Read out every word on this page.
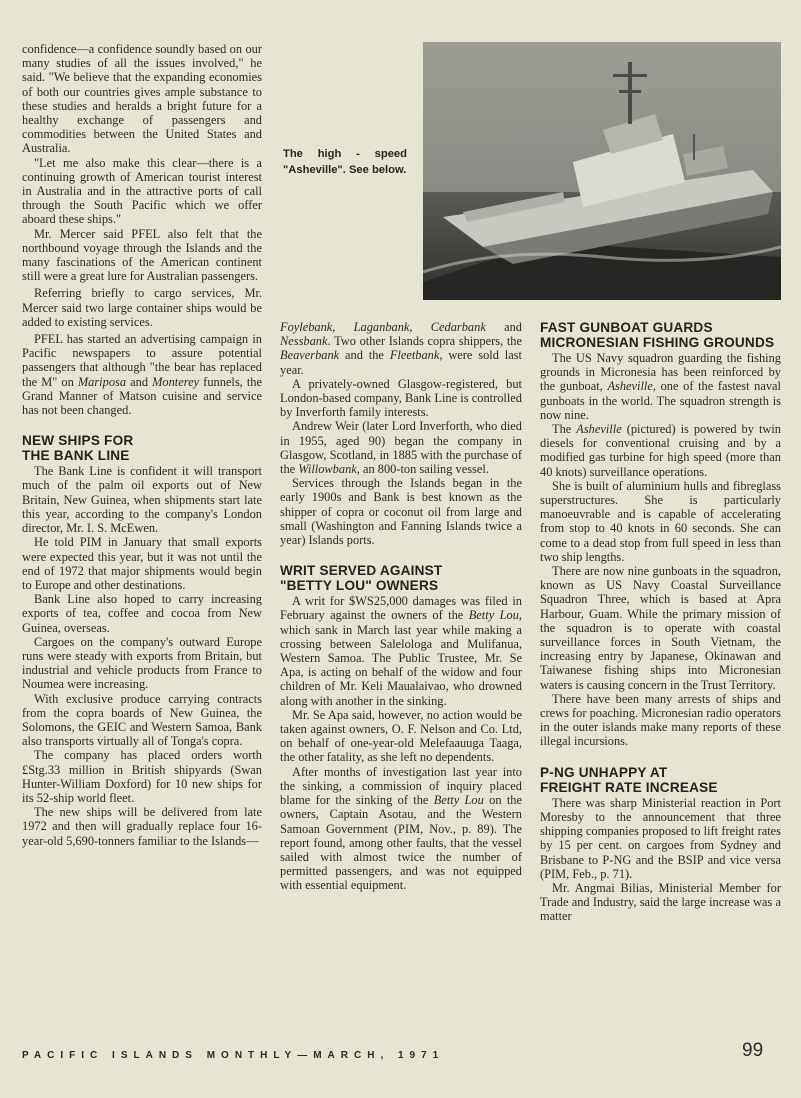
confidence—a confidence soundly based on our many studies of all the issues involved," he said. "We believe that the expanding economies of both our countries gives ample substance to these studies and heralds a bright future for a healthy exchange of passengers and commodities between the United States and Australia.

"Let me also make this clear—there is a continuing growth of American tourist interest in Australia and in the attractive ports of call through the South Pacific which we offer aboard these ships."

Mr. Mercer said PFEL also felt that the northbound voyage through the Islands and the many fascinations of the American continent still were a great lure for Australian passengers.

Referring briefly to cargo services, Mr. Mercer said two large container ships would be added to existing services.

PFEL has started an advertising campaign in Pacific newspapers to assure potential passengers that although "the bear has replaced the M" on Mariposa and Monterey funnels, the Grand Manner of Matson cuisine and service has not been changed.

NEW SHIPS FOR THE BANK LINE

The Bank Line is confident it will transport much of the palm oil exports out of New Britain, New Guinea, when shipments start late this year, according to the company's London director, Mr. I. S. McEwen.

He told PIM in January that small exports were expected this year, but it was not until the end of 1972 that major shipments would begin to Europe and other destinations.

Bank Line also hoped to carry increasing exports of tea, coffee and cocoa from New Guinea, overseas.

Cargoes on the company's outward Europe runs were steady with exports from Britain, but industrial and vehicle products from France to Noumea were increasing.

With exclusive produce carrying contracts from the copra boards of New Guinea, the Solomons, the GEIC and Western Samoa, Bank also transports virtually all of Tonga's copra.

The company has placed orders worth £Stg.33 million in British shipyards (Swan Hunter-William Doxford) for 10 new ships for its 52-ship world fleet.

The new ships will be delivered from late 1972 and then will gradually replace four 16-year-old 5,690-tonners familiar to the Islands—

The high - speed "Asheville". See below.

Foylebank, Laganbank, Cedarbank and Nessbank. Two other Islands copra shippers, the Beaverbank and the Fleetbank, were sold last year.

A privately-owned Glasgow-registered, but London-based company, Bank Line is controlled by Inverforth family interests.

Andrew Weir (later Lord Inverforth, who died in 1955, aged 90) began the company in Glasgow, Scotland, in 1885 with the purchase of the Willowbank, an 800-ton sailing vessel.

Services through the Islands began in the early 1900s and Bank is best known as the shipper of copra or coconut oil from large and small (Washington and Fanning Islands twice a year) Islands ports.

WRIT SERVED AGAINST "BETTY LOU" OWNERS

A writ for $WS25,000 damages was filed in February against the owners of the Betty Lou, which sank in March last year while making a crossing between Salelologa and Mulifanua, Western Samoa. The Public Trustee, Mr. Se Apa, is acting on behalf of the widow and four children of Mr. Keli Maualaivao, who drowned along with another in the sinking.

Mr. Se Apa said, however, no action would be taken against owners, O. F. Nelson and Co. Ltd, on behalf of one-year-old Melefaauuga Taaga, the other fatality, as she left no dependents.

After months of investigation last year into the sinking, a commission of inquiry placed blame for the sinking of the Betty Lou on the owners, Captain Asotau, and the Western Samoan Government (PIM, Nov., p. 89). The report found, among other faults, that the vessel sailed with almost twice the number of permitted passengers, and was not equipped with essential equipment.

FAST GUNBOAT GUARDS MICRONESIAN FISHING GROUNDS

The US Navy squadron guarding the fishing grounds in Micronesia has been reinforced by the gunboat, Asheville, one of the fastest naval gunboats in the world. The squadron strength is now nine.

The Asheville (pictured) is powered by twin diesels for conventional cruising and by a modified gas turbine for high speed (more than 40 knots) surveillance operations.

She is built of aluminium hulls and fibreglass superstructures. She is particularly manoeuvrable and is capable of accelerating from stop to 40 knots in 60 seconds. She can come to a dead stop from full speed in less than two ship lengths.

There are now nine gunboats in the squadron, known as US Navy Coastal Surveillance Squadron Three, which is based at Apra Harbour, Guam. While the primary mission of the squadron is to operate with coastal surveillance forces in South Vietnam, the increasing entry by Japanese, Okinawan and Taiwanese fishing ships into Micronesian waters is causing concern in the Trust Territory.

There have been many arrests of ships and crews for poaching. Micronesian radio operators in the outer islands make many reports of these illegal incursions.

P-NG UNHAPPY AT FREIGHT RATE INCREASE

There was sharp Ministerial reaction in Port Moresby to the announcement that three shipping companies proposed to lift freight rates by 15 per cent. on cargoes from Sydney and Brisbane to P-NG and the BSIP and vice versa (PIM, Feb., p. 71).

Mr. Angmai Bilias, Ministerial Member for Trade and Industry, said the large increase was a matter

PACIFIC ISLANDS MONTHLY—MARCH, 1971	99
